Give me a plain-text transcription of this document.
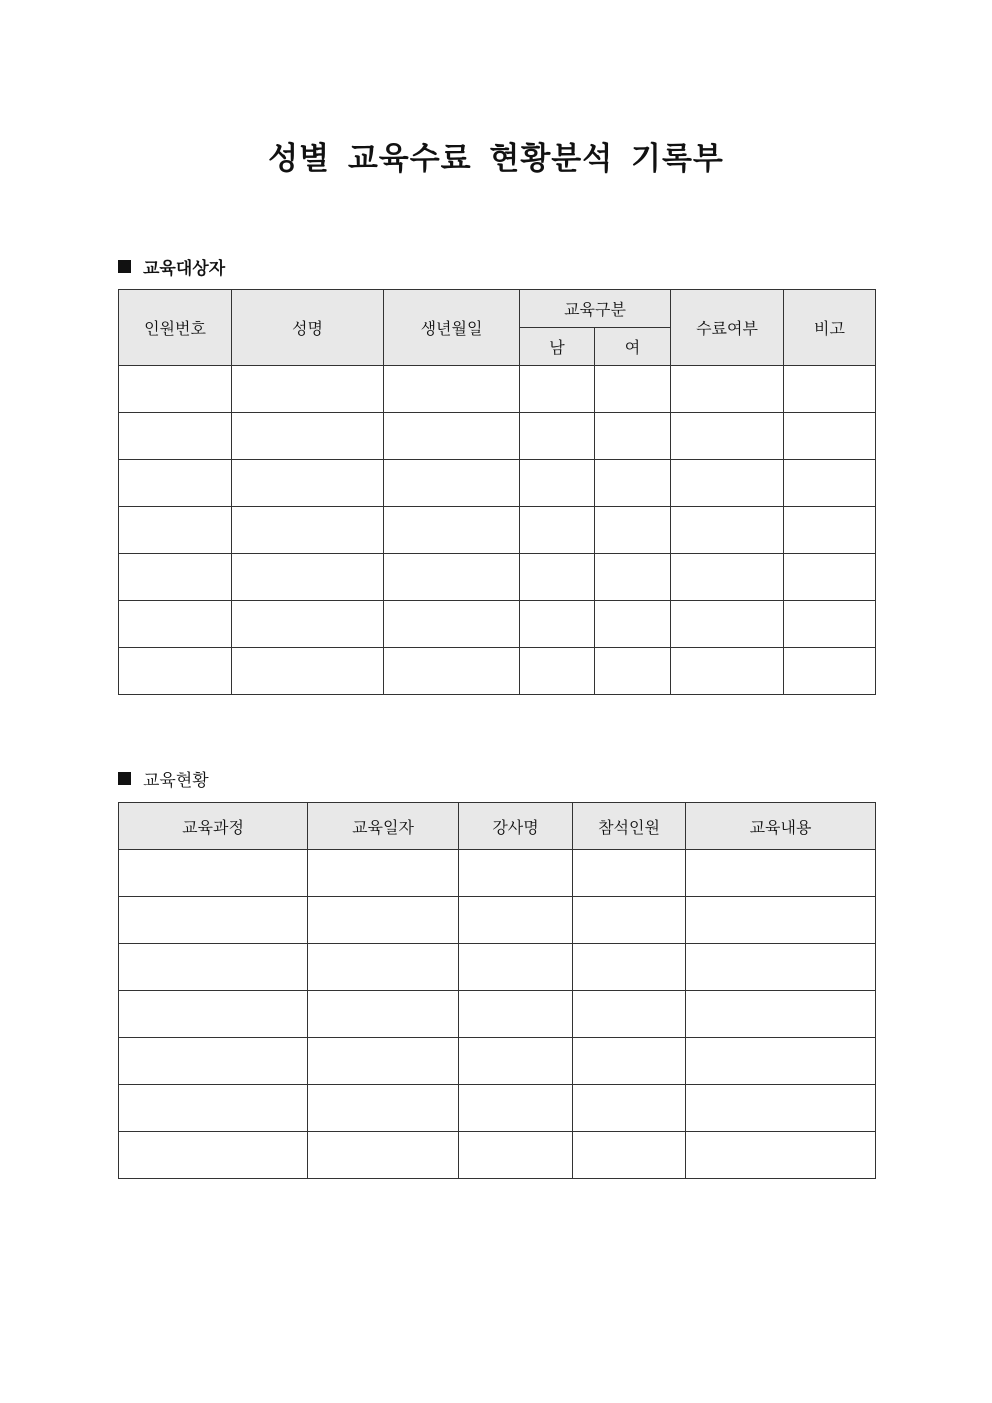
성별 교육수료 현황분석 기록부
교육대상자
인원번호	성명	생년월일	교육구분		수료여부	비고
			남	여		

교육현황
교육과정	교육일자	강사명	참석인원	교육내용
